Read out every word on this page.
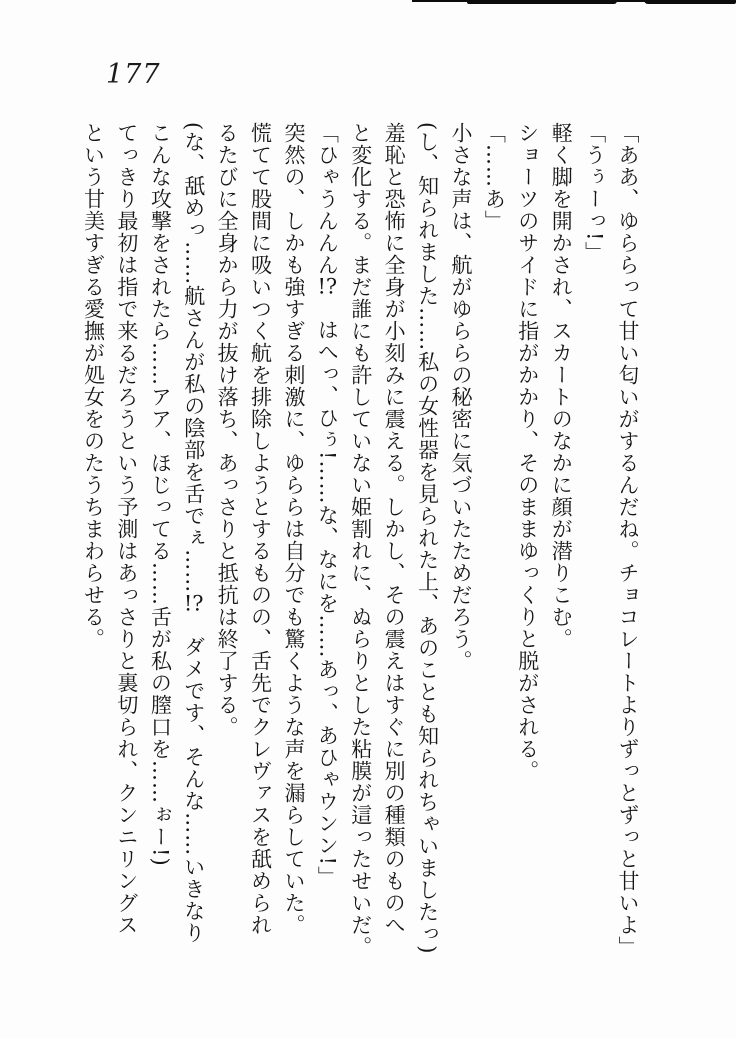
177

「ああ、ゆららって甘い匂いがするんだね。チョコレートよりずっとずっと甘いよ」

「うぅーっ!」

軽く脚を開かされ、スカートのなかに顔が潜りこむ。

ショーツのサイドに指がかかり、そのままゆっくりと脱がされる。

「……あ」

小さな声は、航がゆららの秘密に気づいたためだろう。

(し、知られました……私の女性器を見られた上、あのことも知られちゃいましたっ)

羞恥と恐怖に全身が小刻みに震える。しかし、その震えはすぐに別の種類のものへ

と変化する。まだ誰にも許していない姫割れに、ぬらりとした粘膜が這ったせいだ。

「ひゃうんんん!?　はへっ、ひぅ!……な、なにを……あっ、あひゃウンン!」

突然の、しかも強すぎる刺激に、ゆららは自分でも驚くような声を漏らしていた。

慌てて股間に吸いつく航を排除しようとするものの、舌先でクレヴァスを舐められ

るたびに全身から力が抜け落ち、あっさりと抵抗は終了する。

(な、舐めっ……航さんが私の陰部を舌でぇ……!?　ダメです、そんな……いきなり

こんな攻撃をされたら……アア、ほじってる……舌が私の膣口を……ぉー!)

てっきり最初は指で来るだろうという予測はあっさりと裏切られ、クンニリングス

という甘美すぎる愛撫が処女をのたうちまわらせる。
